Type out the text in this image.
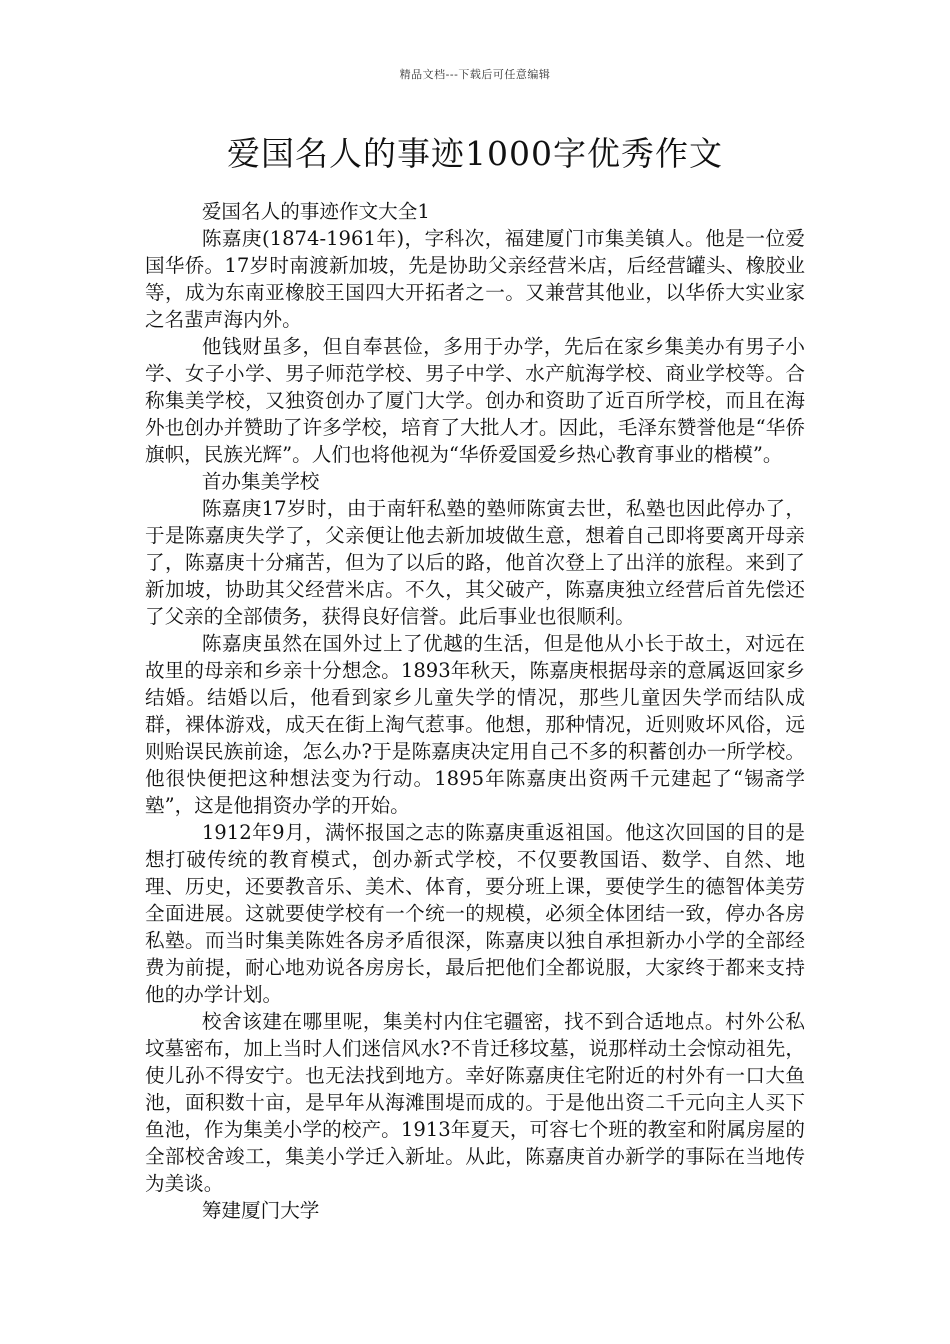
精品文档---下载后可任意编辑
爱国名人的事迹1000字优秀作文

爱国名人的事迹作文大全1

陈嘉庚(1874-1961年)，字科次，福建厦门市集美镇人。他是一位爱国华侨。17岁时南渡新加坡，先是协助父亲经营米店，后经营罐头、橡胶业等，成为东南亚橡胶王国四大开拓者之一。又兼营其他业，以华侨大实业家之名蜚声海内外。

他钱财虽多，但自奉甚俭，多用于办学，先后在家乡集美办有男子小学、女子小学、男子师范学校、男子中学、水产航海学校、商业学校等。合称集美学校，又独资创办了厦门大学。创办和资助了近百所学校，而且在海外也创办并赞助了许多学校，培育了大批人才。因此，毛泽东赞誉他是“华侨旗帜，民族光辉”。人们也将他视为“华侨爱国爱乡热心教育事业的楷模”。

首办集美学校

陈嘉庚17岁时，由于南轩私塾的塾师陈寅去世，私塾也因此停办了，于是陈嘉庚失学了，父亲便让他去新加坡做生意，想着自己即将要离开母亲了，陈嘉庚十分痛苦，但为了以后的路，他首次登上了出洋的旅程。来到了新加坡，协助其父经营米店。不久，其父破产，陈嘉庚独立经营后首先偿还了父亲的全部债务，获得良好信誉。此后事业也很顺利。

陈嘉庚虽然在国外过上了优越的生活，但是他从小长于故土，对远在故里的母亲和乡亲十分想念。1893年秋天，陈嘉庚根据母亲的意属返回家乡结婚。结婚以后，他看到家乡儿童失学的情况，那些儿童因失学而结队成群，裸体游戏，成天在街上淘气惹事。他想，那种情况，近则败坏风俗，远则贻误民族前途，怎么办?于是陈嘉庚决定用自己不多的积蓄创办一所学校。他很快便把这种想法变为行动。1895年陈嘉庚出资两千元建起了“锡斋学塾”，这是他捐资办学的开始。

1912年9月，满怀报国之志的陈嘉庚重返祖国。他这次回国的目的是想打破传统的教育模式，创办新式学校，不仅要教国语、数学、自然、地理、历史，还要教音乐、美术、体育，要分班上课，要使学生的德智体美劳全面进展。这就要使学校有一个统一的规模，必须全体团结一致，停办各房私塾。而当时集美陈姓各房矛盾很深，陈嘉庚以独自承担新办小学的全部经费为前提，耐心地劝说各房房长，最后把他们全都说服，大家终于都来支持他的办学计划。

校舍该建在哪里呢，集美村内住宅疆密，找不到合适地点。村外公私坟墓密布，加上当时人们迷信风水?不肯迁移坟墓，说那样动土会惊动祖先，使儿孙不得安宁。也无法找到地方。幸好陈嘉庚住宅附近的村外有一口大鱼池，面积数十亩，是早年从海滩围堤而成的。于是他出资二千元向主人买下鱼池，作为集美小学的校产。1913年夏天，可容七个班的教室和附属房屋的全部校舍竣工，集美小学迁入新址。从此，陈嘉庚首办新学的事际在当地传为美谈。

筹建厦门大学
